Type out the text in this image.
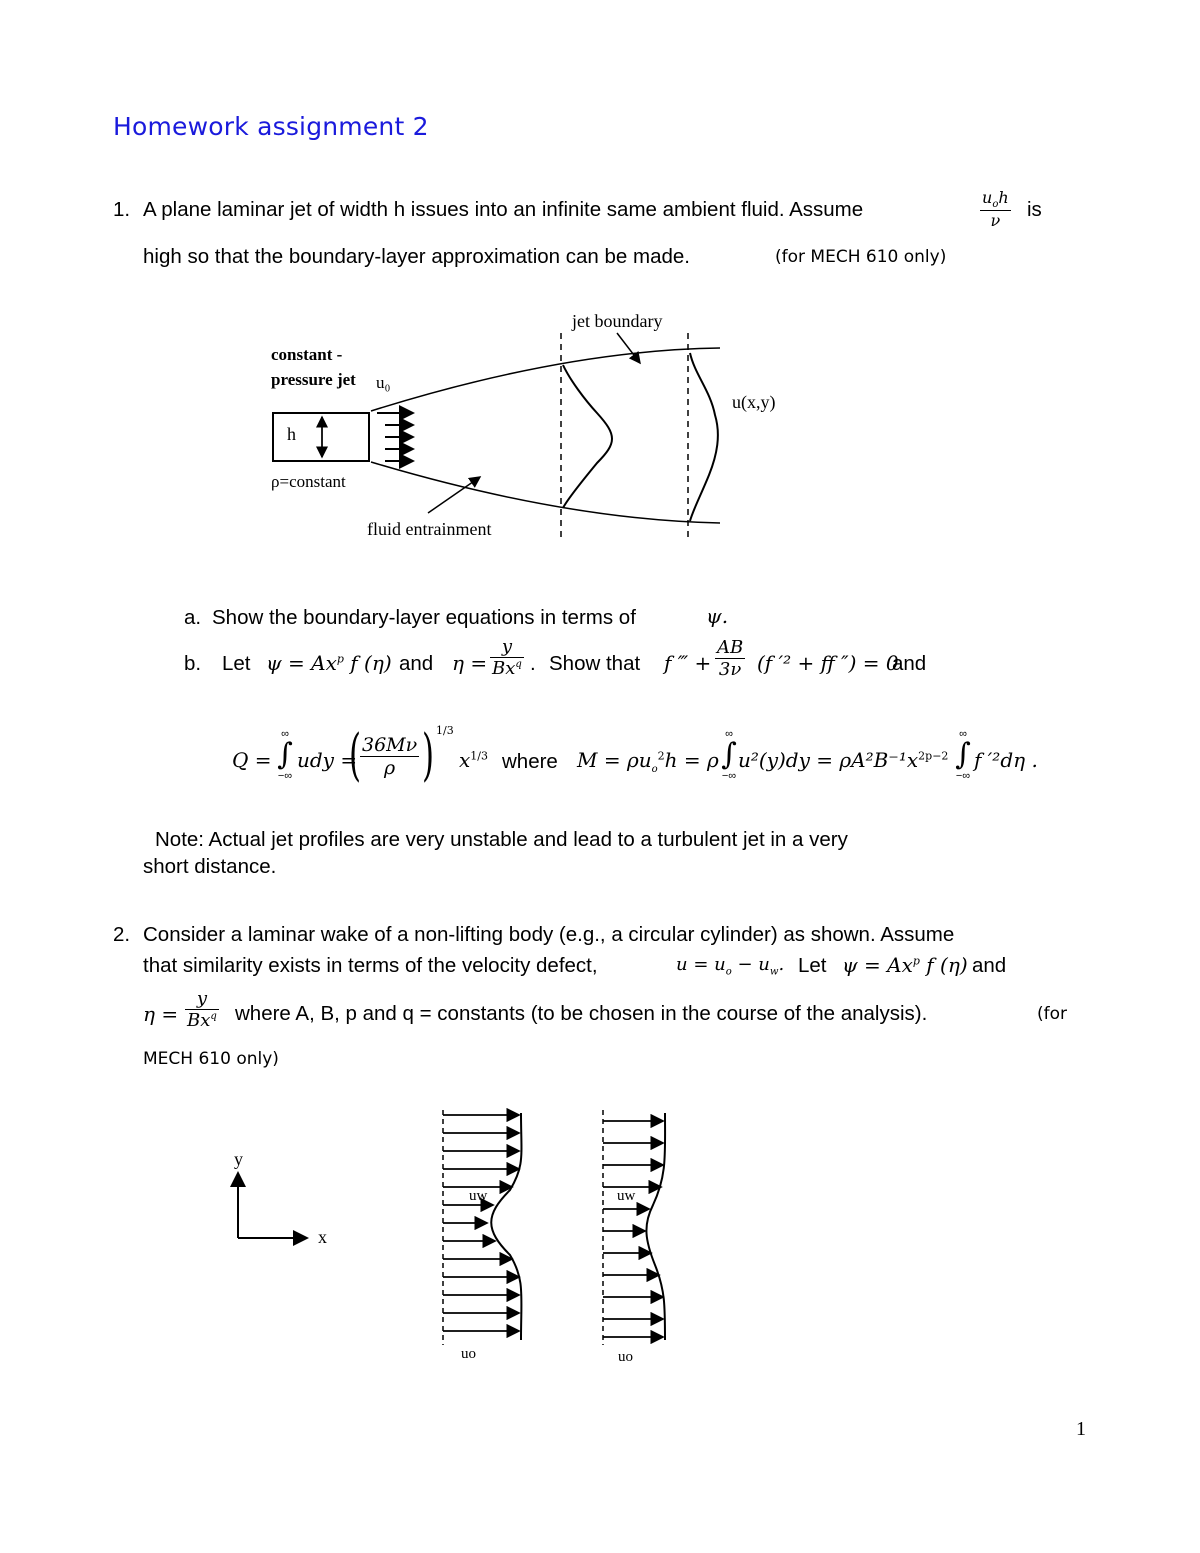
Homework assignment 2
1. A plane laminar jet of width h issues into an infinite same ambient fluid. Assume	$\frac{u_oh}{\nu}$ is
high so that the boundary-layer approximation can be made.	(for MECH 610 only)
jet boundary
constant -
pressure jet u₀
h
u(x,y)
ρ=constant
fluid entrainment
a. Show the boundary-layer equations in terms of	ψ.
b. Let $\psi = Ax^p$ f (η) and $\eta = \frac{y}{Bx^q}$ . Show that f ‴ + $\frac{AB}{3\nu} (f$ ′² + ff ″) = 0
and
Q =
∞
∫
−∞
udy =
(
$\frac{36M\nu}{\rho}$ ) 1/3
$x^{1/3}$ where $M = \rho u_o^2h = \rho$
∞
∫
−∞
$u^2(y)dy = \rho A^2B^{-1}x^{2p-2}$
∞
∫
−∞
f ′²dη .
Note: Actual jet profiles are very unstable and lead to a turbulent jet in a very
short distance.
2. Consider a laminar wake of a non-lifting body (e.g., a circular cylinder) as shown. Assume
that similarity exists in terms of the velocity defect,	$u = u_o - u_w$. Let $\psi = Ax^p$ f (η) and
$\eta = \frac{y}{Bx^q}$ where A, B, p and q = constants (to be chosen in the course of the analysis).	(for
MECH 610 only)
y
x
uw
uo
uw
uo
1
